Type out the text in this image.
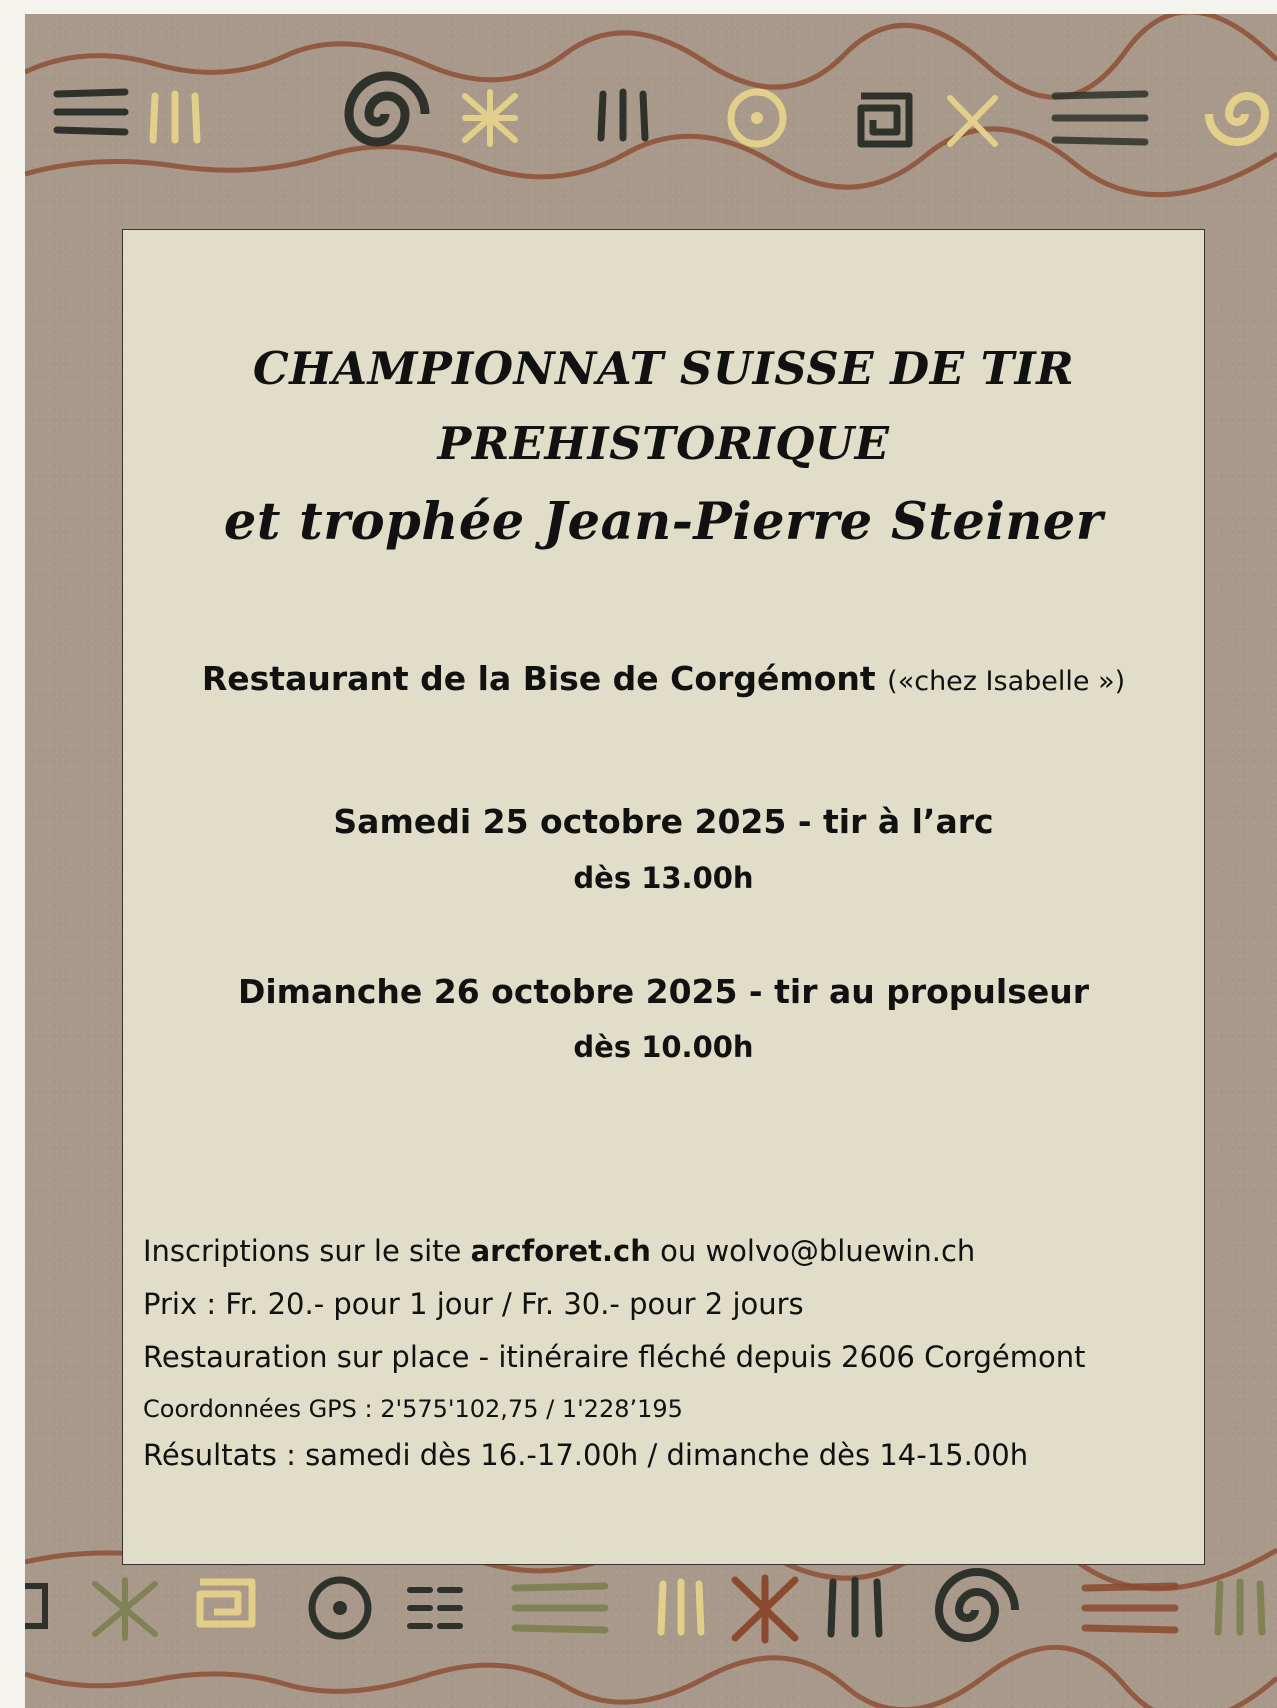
CHAMPIONNAT SUISSE DE TIR
PREHISTORIQUE
et trophée Jean-Pierre Steiner
Restaurant de la Bise de Corgémont («chez Isabelle »)
Samedi 25 octobre 2025 - tir à l’arc
dès 13.00h
Dimanche 26 octobre 2025 - tir au propulseur
dès 10.00h
Inscriptions sur le site arcforet.ch ou wolvo@bluewin.ch
Prix : Fr. 20.- pour 1 jour / Fr. 30.- pour 2 jours
Restauration sur place - itinéraire fléché depuis 2606 Corgémont
Coordonnées GPS : 2'575'102,75 / 1'228’195
Résultats : samedi dès 16.-17.00h / dimanche dès 14-15.00h
